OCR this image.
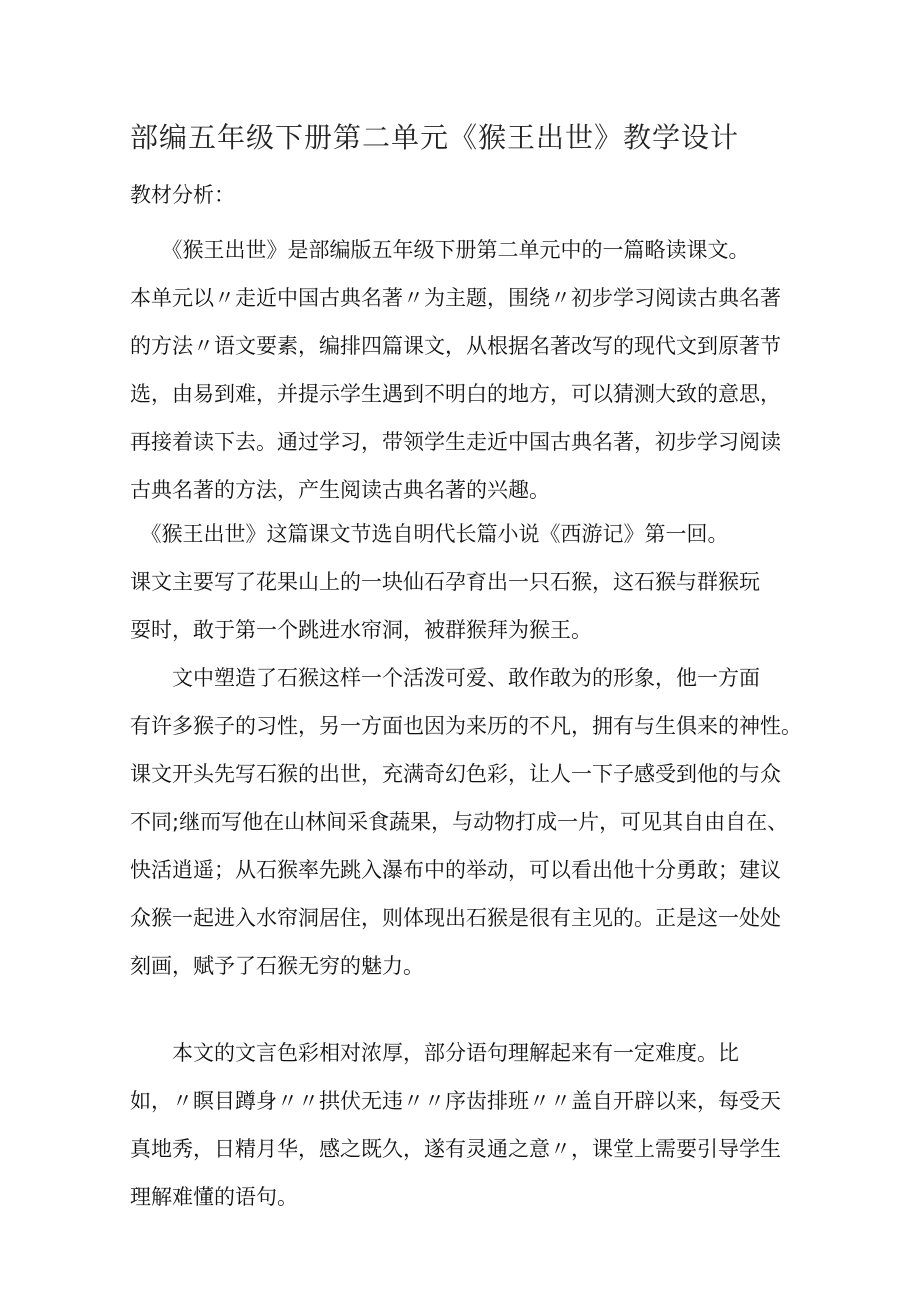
部编五年级下册第二单元《猴王出世》教学设计
教材分析：
　　《猴王出世》是部编版五年级下册第二单元中的一篇略读课文。
本单元以〃走近中国古典名著〃为主题，围绕〃初步学习阅读古典名著
的方法〃语文要素，编排四篇课文，从根据名著改写的现代文到原著节
选，由易到难，并提示学生遇到不明白的地方，可以猜测大致的意思，
再接着读下去。通过学习，带领学生走近中国古典名著，初步学习阅读
古典名著的方法，产生阅读古典名著的兴趣。
　《猴王出世》这篇课文节选自明代长篇小说《西游记》第一回。
课文主要写了花果山上的一块仙石孕育出一只石猴，这石猴与群猴玩
耍时，敢于第一个跳进水帘洞，被群猴拜为猴王。
　　文中塑造了石猴这样一个活泼可爱、敢作敢为的形象，他一方面
有许多猴子的习性，另一方面也因为来历的不凡，拥有与生俱来的神性。
课文开头先写石猴的出世，充满奇幻色彩，让人一下子感受到他的与众
不同;继而写他在山林间采食蔬果，与动物打成一片，可见其自由自在、
快活逍遥；从石猴率先跳入瀑布中的举动，可以看出他十分勇敢；建议
众猴一起进入水帘洞居住，则体现出石猴是很有主见的。正是这一处处
刻画，赋予了石猴无穷的魅力。
　　本文的文言色彩相对浓厚，部分语句理解起来有一定难度。比
如，〃瞑目蹲身〃〃拱伏无违〃〃序齿排班〃〃盖自开辟以来，每受天
真地秀，日精月华，感之既久，遂有灵通之意〃，课堂上需要引导学生
理解难懂的语句。
